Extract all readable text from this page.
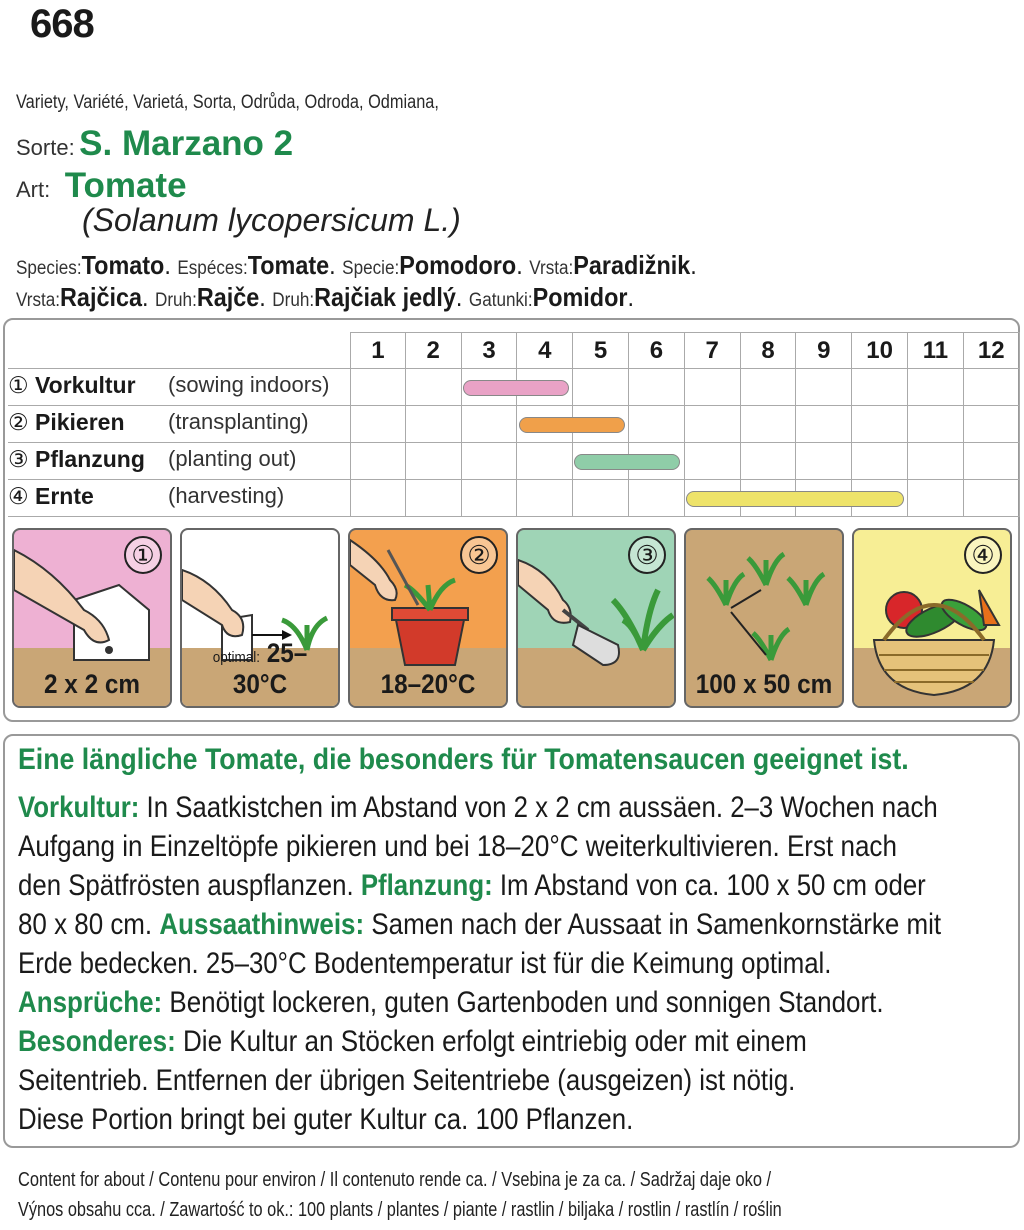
668
Variety, Variété, Varietá, Sorta, Odrůda, Odroda, Odmiana,
Sorte: S. Marzano 2
Art: Tomate
(Solanum lycopersicum L.)
Species:Tomato. Espéces:Tomate. Specie:Pomodoro. Vrsta:Paradižnik.
Vrsta:Rajčica. Druh:Rajče. Druh:Rajčiak jedlý. Gatunki:Pomidor.
1	2	3	4	5	6	7	8	9	10	11	12
① Vorkultur (sowing indoors)
② Pikieren (transplanting)
③ Pflanzung (planting out)
④ Ernte	(harvesting)
①
2 x 2 cm
optimal: 25–30°C
②
18–20°C
③
100 x 50 cm
④
Eine längliche Tomate, die besonders für Tomatensaucen geeignet ist.
Vorkultur: In Saatkistchen im Abstand von 2 x 2 cm aussäen. 2–3 Wochen nach
Aufgang in Einzeltöpfe pikieren und bei 18–20°C weiterkultivieren. Erst nach
den Spätfrösten auspflanzen. Pflanzung: Im Abstand von ca. 100 x 50 cm oder
80 x 80 cm. Aussaathinweis: Samen nach der Aussaat in Samenkornstärke mit
Erde bedecken. 25–30°C Bodentemperatur ist für die Keimung optimal.
Ansprüche: Benötigt lockeren, guten Gartenboden und sonnigen Standort.
Besonderes: Die Kultur an Stöcken erfolgt eintriebig oder mit einem
Seitentrieb. Entfernen der übrigen Seitentriebe (ausgeizen) ist nötig.
Diese Portion bringt bei guter Kultur ca. 100 Pflanzen.
Content for about / Contenu pour environ / Il contenuto rende ca. / Vsebina je za ca. / Sadržaj daje oko /
Výnos obsahu cca. / Zawartość to ok.: 100 plants / plantes / piante / rastlin / biljaka / rostlin / rastlín / roślin
